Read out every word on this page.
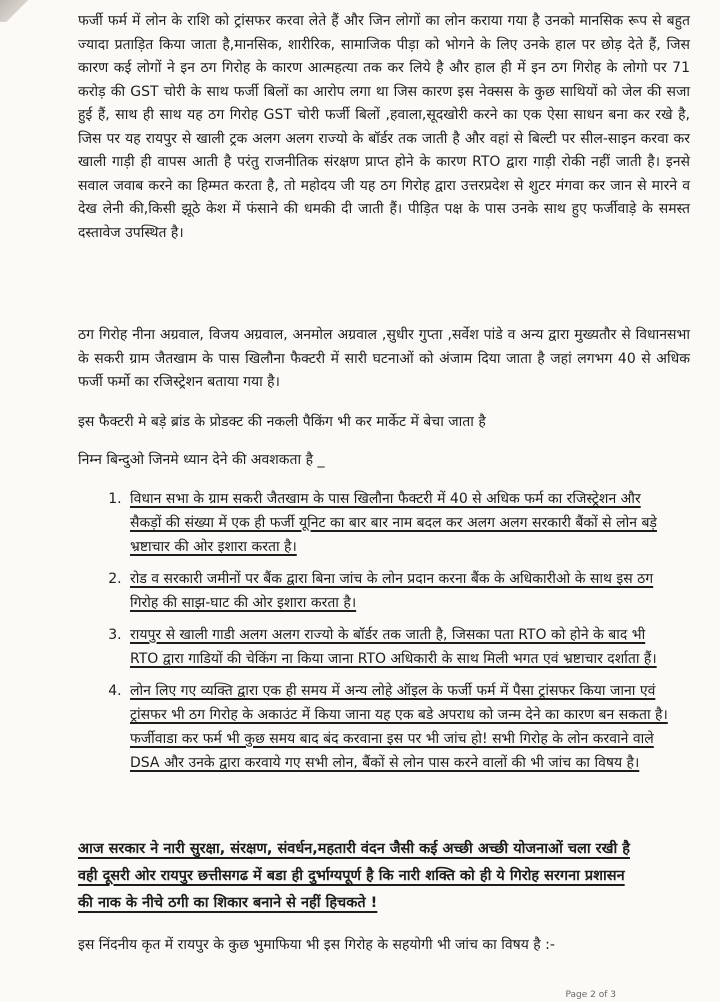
फर्जी फर्म में लोन के राशि को ट्रांसफर करवा लेते हैं और जिन लोगों का लोन कराया गया है उनको मानसिक रूप से बहुत ज्यादा प्रताड़ित किया जाता है,मानसिक, शारीरिक, सामाजिक पीड़ा को भोगने के लिए उनके हाल पर छोड़ देते हैं, जिस कारण कई लोगों ने इन ठग गिरोह के कारण आत्महत्या तक कर लिये है और हाल ही में इन ठग गिरोह के लोगो पर 71 करोड़ की GST चोरी के साथ फर्जी बिलों का आरोप लगा था जिस कारण इस नेक्सस के कुछ साथियों को जेल की सजा हुई हैं, साथ ही साथ यह ठग गिरोह GST चोरी फर्जी बिलों ,हवाला,सूदखोरी करने का एक ऐसा साधन बना कर रखे है, जिस पर यह रायपुर से खाली ट्रक अलग अलग राज्यो के बॉर्डर तक जाती है और वहां से बिल्टी पर सील-साइन करवा कर खाली गाड़ी ही वापस आती है परंतु राजनीतिक संरक्षण प्राप्त होने के कारण RTO द्वारा गाड़ी रोकी नहीं जाती है। इनसे सवाल जवाब करने का हिम्मत करता है, तो महोदय जी यह ठग गिरोह द्वारा उत्तरप्रदेश से शुटर मंगवा कर जान से मारने व देख लेनी की,किसी झूठे केश में फंसाने की धमकी दी जाती हैं। पीड़ित पक्ष के पास उनके साथ हुए फर्जीवाड़े के समस्त दस्तावेज उपस्थित है।
ठग गिरोह नीना अग्रवाल, विजय अग्रवाल, अनमोल अग्रवाल ,सुधीर गुप्ता ,सर्वेश पांडे व अन्य द्वारा मुख्यतौर से विधानसभा के सकरी ग्राम जैतखाम के पास खिलौना फैक्टरी में सारी घटनाओं को अंजाम दिया जाता है जहां लगभग 40 से अधिक फर्जी फर्मो का रजिस्ट्रेशन बताया गया है।
इस फैक्टरी मे बड़े ब्रांड के प्रोडक्ट की नकली पैकिंग भी कर मार्केट में बेचा जाता है
निम्न बिन्दुओ जिनमे ध्यान देने की अवशकता है _
1. विधान सभा के ग्राम सकरी जैतखाम के पास खिलौना फैक्टरी में 40 से अधिक फर्म का रजिस्ट्रेशन और सैकड़ों की संख्या में एक ही फर्जी यूनिट का बार बार नाम बदल कर अलग अलग सरकारी बैंकों से लोन बड़े भ्रष्टाचार की ओर इशारा करता है।
2. रोड व सरकारी जमीनों पर बैंक द्वारा बिना जांच के लोन प्रदान करना बैंक के अधिकारीओ के साथ इस ठग गिरोह की साझ-घाट की ओर इशारा करता है।
3. रायपुर से खाली गाडी अलग अलग राज्यो के बॉर्डर तक जाती है, जिसका पता RTO को होने के बाद भी RTO द्वारा गाडियों की चेकिंग ना किया जाना RTO अधिकारी के साथ मिली भगत एवं भ्रष्टाचार दर्शाता हैं।
4. लोन लिए गए व्यक्ति द्वारा एक ही समय में अन्य लोहे ऑइल के फर्जी फर्म में पैसा ट्रांसफर किया जाना एवं ट्रांसफर भी ठग गिरोह के अकाउंट में किया जाना यह एक बडे अपराध को जन्म देने का कारण बन सकता है। फर्जीवाडा कर फर्म भी कुछ समय बाद बंद करवाना इस पर भी जांच हो! सभी गिरोह के लोन करवाने वाले DSA और उनके द्वारा करवाये गए सभी लोन, बैंकों से लोन पास करने वालों की भी जांच का विषय है।
आज सरकार ने नारी सुरक्षा, संरक्षण, संवर्धन,महतारी वंदन जैसी कई अच्छी अच्छी योजनाओं चला रखी है वही दूसरी ओर रायपुर छत्तीसगढ में बडा ही दुर्भाग्यपूर्ण है कि नारी शक्ति को ही ये गिरोह सरगना प्रशासन की नाक के नीचे ठगी का शिकार बनाने से नहीं हिचकते !
इस निंदनीय कृत में रायपुर के कुछ भुमाफिया भी इस गिरोह के सहयोगी भी जांच का विषय है :-
Page 2 of 3
